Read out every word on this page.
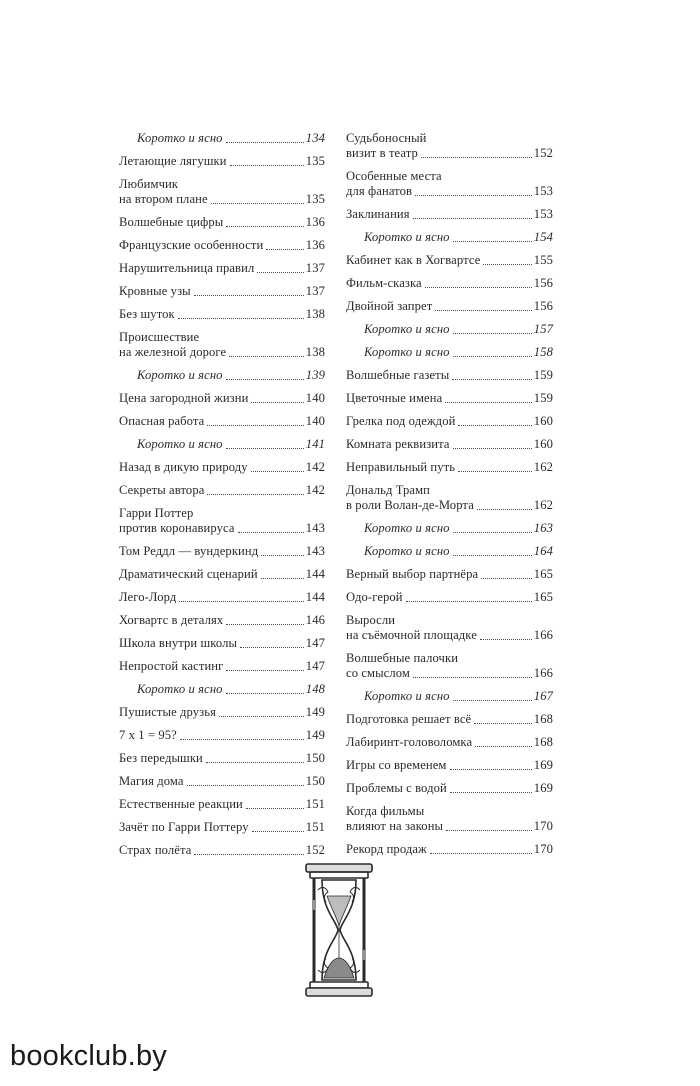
Коротко и ясно	134
Летающие лягушки	135
Любимчик
на втором плане	135
Волшебные цифры	136
Французские особенности	136
Нарушительница правил	137
Кровные узы	137
Без шуток	138
Происшествие
на железной дороге	138
Коротко и ясно	139
Цена загородной жизни	140
Опасная работа	140
Коротко и ясно	141
Назад в дикую природу	142
Секреты автора	142
Гарри Поттер
против коронавируса	143
Том Реддл — вундеркинд	143
Драматический сценарий	144
Лего-Лорд	144
Хогвартс в деталях	146
Школа внутри школы	147
Непростой кастинг	147
Коротко и ясно	148
Пушистые друзья	149
7 x 1 = 95?	149
Без передышки	150
Магия дома	150
Естественные реакции	151
Зачёт по Гарри Поттеру	151
Страх полёта	152
Судьбоносный
визит в театр	152
Особенные места
для фанатов	153
Заклинания	153
Коротко и ясно	154
Кабинет как в Хогвартсе	155
Фильм-сказка	156
Двойной запрет	156
Коротко и ясно	157
Коротко и ясно	158
Волшебные газеты	159
Цветочные имена	159
Грелка под одеждой	160
Комната реквизита	160
Неправильный путь	162
Дональд Трамп
в роли Волан-де-Морта	162
Коротко и ясно	163
Коротко и ясно	164
Верный выбор партнёра	165
Одо-герой	165
Выросли
на съёмочной площадке	166
Волшебные палочки
со смыслом	166
Коротко и ясно	167
Подготовка решает всё	168
Лабиринт-головоломка	168
Игры со временем	169
Проблемы с водой	169
Когда фильмы
влияют на законы	170
Рекорд продаж	170
bookclub.by
